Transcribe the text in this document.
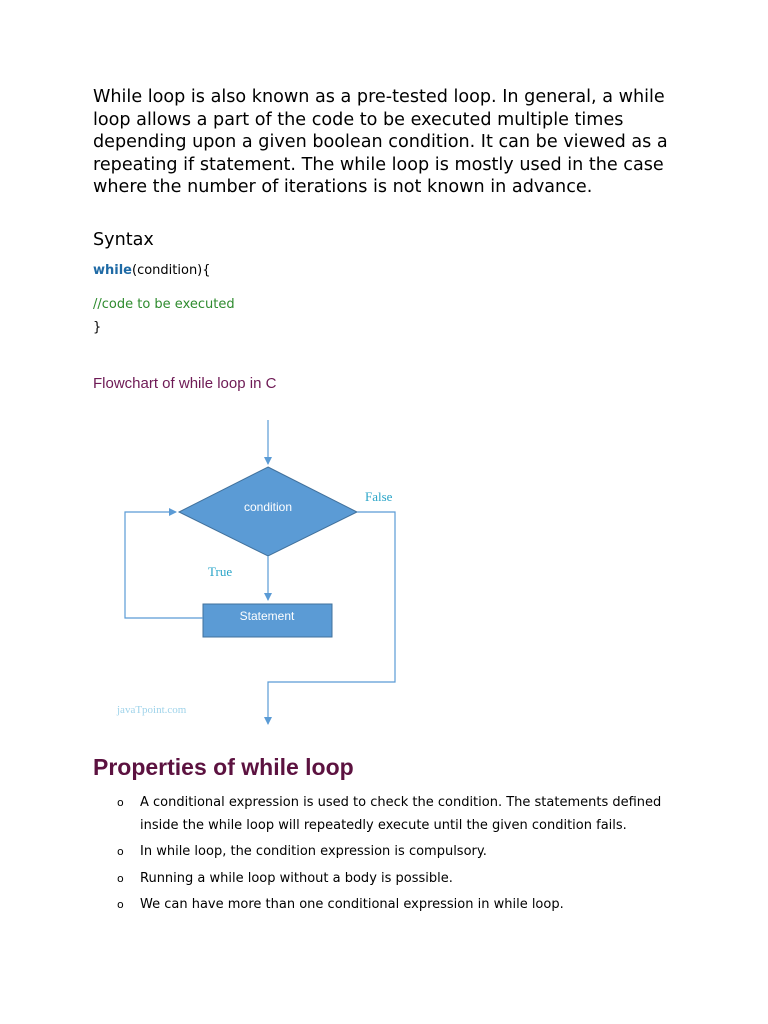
While loop is also known as a pre-tested loop. In general, a while loop allows a part of the code to be executed multiple times depending upon a given boolean condition. It can be viewed as a repeating if statement. The while loop is mostly used in the case where the number of iterations is not known in advance.

Syntax
while(condition){
//code to be executed
}
Flowchart of while loop in C
condition
True
Statement
False
javaTpoint.com
Properties of while loop
o A conditional expression is used to check the condition. The statements defined inside the while loop will repeatedly execute until the given condition fails.
o In while loop, the condition expression is compulsory.
o Running a while loop without a body is possible.
o We can have more than one conditional expression in while loop.
